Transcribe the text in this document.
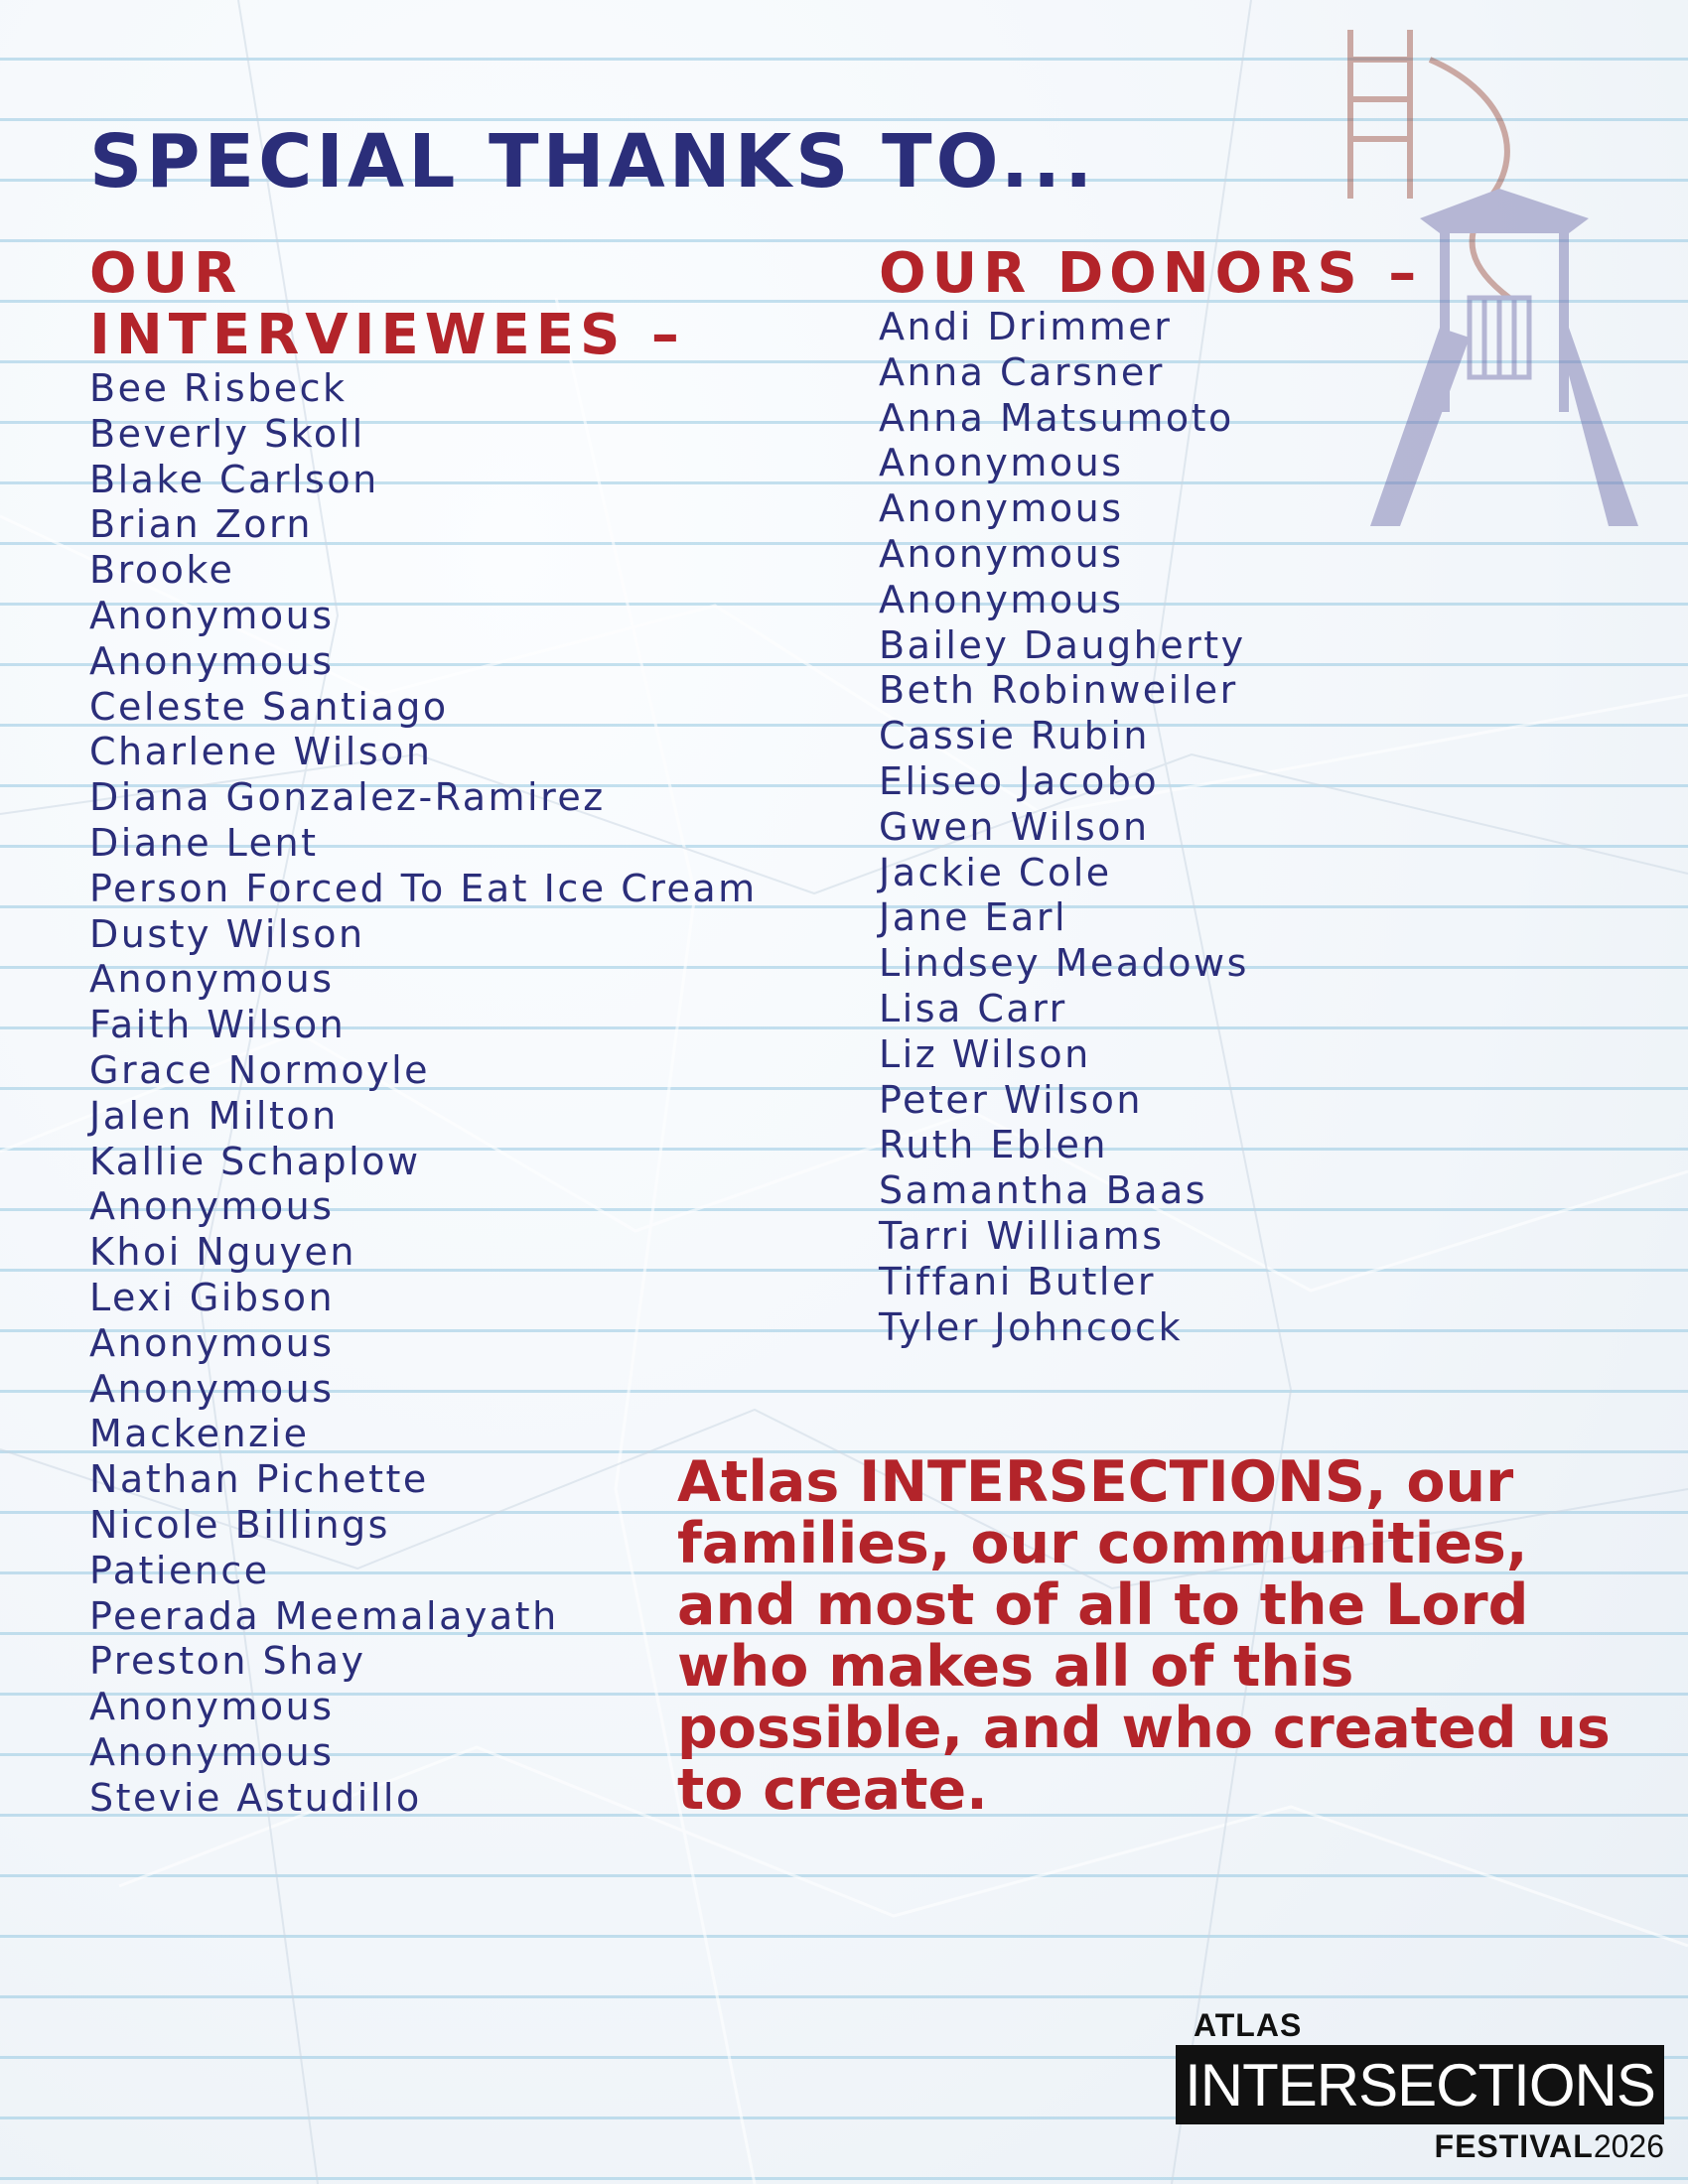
SPECIAL THANKS TO...
OUR
INTERVIEWEES –
Bee Risbeck
Beverly Skoll
Blake Carlson
Brian Zorn
Brooke
Anonymous
Anonymous
Celeste Santiago
Charlene Wilson
Diana Gonzalez-Ramirez
Diane Lent
Person Forced To Eat Ice Cream
Dusty Wilson
Anonymous
Faith Wilson
Grace Normoyle
Jalen Milton
Kallie Schaplow
Anonymous
Khoi Nguyen
Lexi Gibson
Anonymous
Anonymous
Mackenzie
Nathan Pichette
Nicole Billings
Patience
Peerada Meemalayath
Preston Shay
Anonymous
Anonymous
Stevie Astudillo
OUR DONORS –
Andi Drimmer
Anna Carsner
Anna Matsumoto
Anonymous
Anonymous
Anonymous
Anonymous
Bailey Daugherty
Beth Robinweiler
Cassie Rubin
Eliseo Jacobo
Gwen Wilson
Jackie Cole
Jane Earl
Lindsey Meadows
Lisa Carr
Liz Wilson
Peter Wilson
Ruth Eblen
Samantha Baas
Tarri Williams
Tiffani Butler
Tyler Johncock

Atlas INTERSECTIONS, our families, our communities, and most of all to the Lord who makes all of this possible, and who created us to create.

ATLAS
INTERSECTIONS
FESTIVAL2026
